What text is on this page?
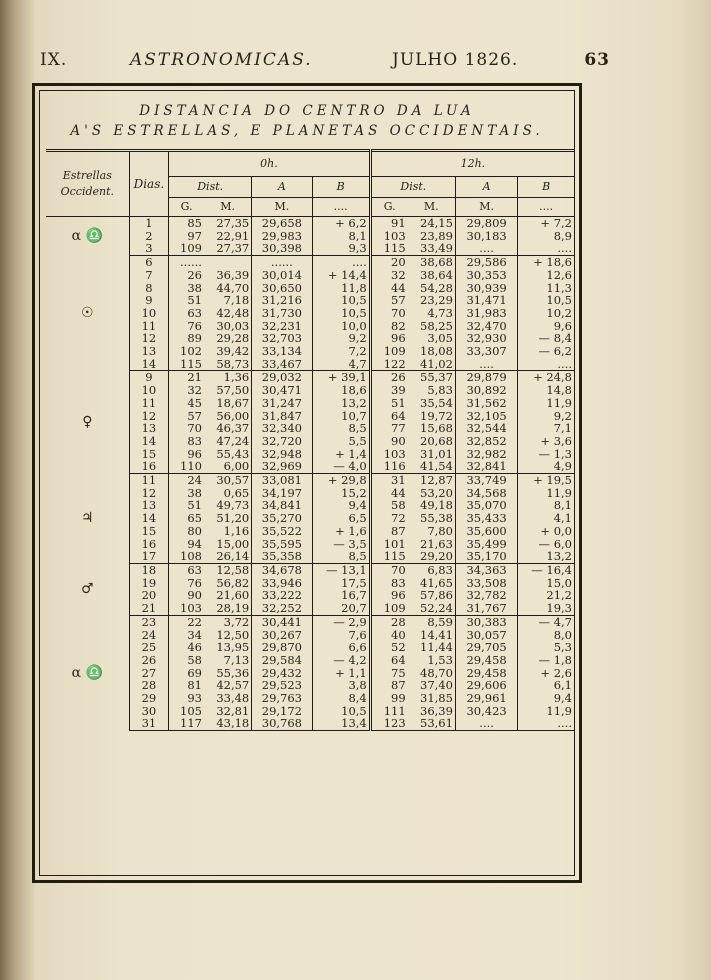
IX.	ASTRONOMICAS.	JULHO 1826.	63
DISTANCIA DO CENTRO DA LUA
A'S ESTRELLAS, E PLANETAS OCCIDENTAIS.
Estrellas Occident.	Dias.	0h.				12h.			
		Dist.		A	B	Dist.		A	B
		G.	M.	M.	....	G.	M.	M.	....
α ♎	1	85	27,35	29,658	+ 6,2	91	24,15	29,809	+ 7,2
	2	97	22,91	29,983	8,1	103	23,89	30,183	8,9
	3	109	27,37	30,398	9,3	115	33,49	....	....
☉	6	......		......	....	20	38,68	29,586	+ 18,6
	7	26	36,39	30,014	+ 14,4	32	38,64	30,353	12,6
	8	38	44,70	30,650	11,8	44	54,28	30,939	11,3
	9	51	7,18	31,216	10,5	57	23,29	31,471	10,5
	10	63	42,48	31,730	10,5	70	4,73	31,983	10,2
	11	76	30,03	32,231	10,0	82	58,25	32,470	9,6
	12	89	29,28	32,703	9,2	96	3,05	32,930	— 8,4
	13	102	39,42	33,134	7,2	109	18,08	33,307	— 6,2
	14	115	58,73	33,467	4,7	122	41,02	....	....
♀	9	21	1,36	29,032	+ 39,1	26	55,37	29,879	+ 24,8
	10	32	57,50	30,471	18,6	39	5,83	30,892	14,8
	11	45	18,67	31,247	13,2	51	35,54	31,562	11,9
	12	57	56,00	31,847	10,7	64	19,72	32,105	9,2
	13	70	46,37	32,340	8,5	77	15,68	32,544	7,1
	14	83	47,24	32,720	5,5	90	20,68	32,852	+ 3,6
	15	96	55,43	32,948	+ 1,4	103	31,01	32,982	— 1,3
	16	110	6,00	32,969	— 4,0	116	41,54	32,841	4,9
♃	11	24	30,57	33,081	+ 29,8	31	12,87	33,749	+ 19,5
	12	38	0,65	34,197	15,2	44	53,20	34,568	11,9
	13	51	49,73	34,841	9,4	58	49,18	35,070	8,1
	14	65	51,20	35,270	6,5	72	55,38	35,433	4,1
	15	80	1,16	35,522	+ 1,6	87	7,80	35,600	+ 0,0
	16	94	15,00	35,595	— 3,5	101	21,63	35,499	— 6,0
	17	108	26,14	35,358	8,5	115	29,20	35,170	13,2
♂	18	63	12,58	34,678	— 13,1	70	6,83	34,363	— 16,4
	19	76	56,82	33,946	17,5	83	41,65	33,508	15,0
	20	90	21,60	33,222	16,7	96	57,86	32,782	21,2
	21	103	28,19	32,252	20,7	109	52,24	31,767	19,3
α ♎	23	22	3,72	30,441	— 2,9	28	8,59	30,383	— 4,7
	24	34	12,50	30,267	7,6	40	14,41	30,057	8,0
	25	46	13,95	29,870	6,6	52	11,44	29,705	5,3
	26	58	7,13	29,584	— 4,2	64	1,53	29,458	— 1,8
	27	69	55,36	29,432	+ 1,1	75	48,70	29,458	+ 2,6
	28	81	42,57	29,523	3,8	87	37,40	29,606	6,1
	29	93	33,48	29,763	8,4	99	31,85	29,961	9,4
	30	105	32,81	29,172	10,5	111	36,39	30,423	11,9
	31	117	43,18	30,768	13,4	123	53,61	....	....
